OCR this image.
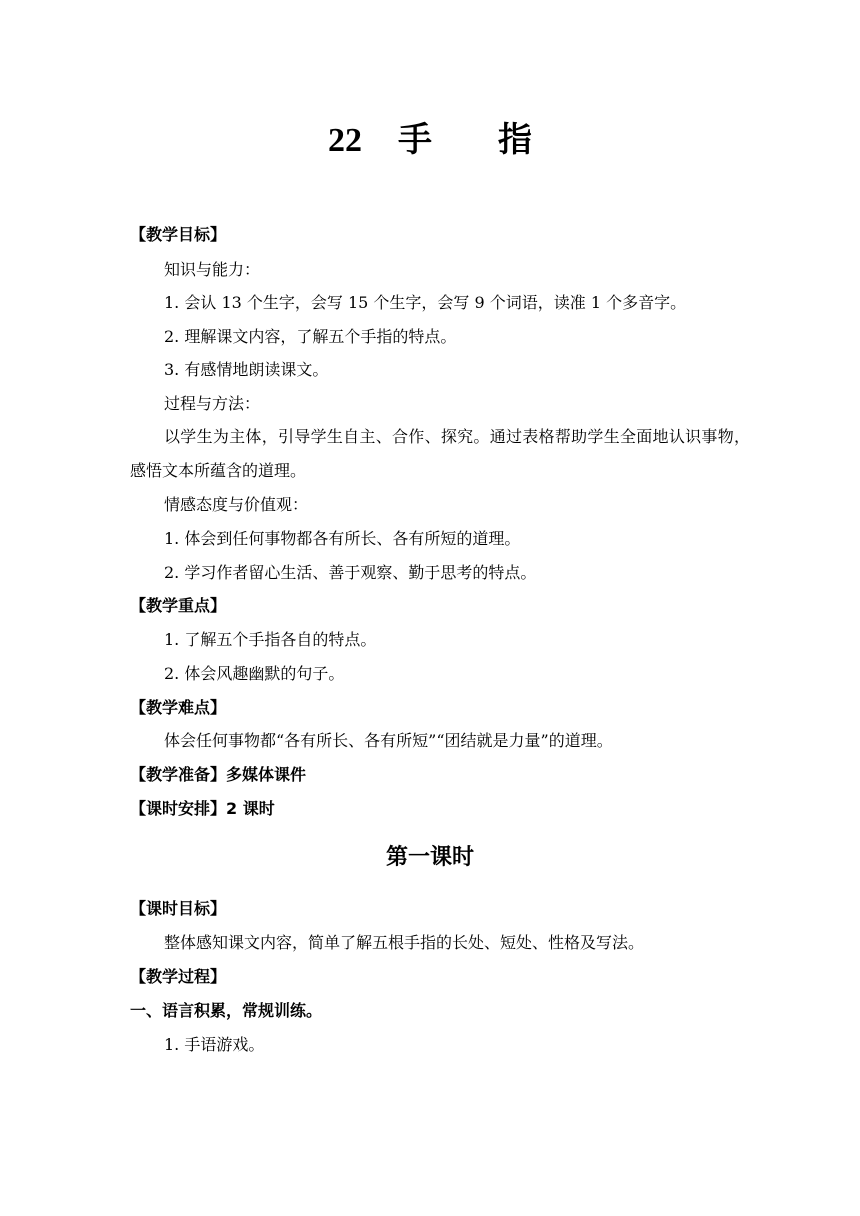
22 手 指
【教学目标】
知识与能力：
1. 会认 13 个生字，会写 15 个生字，会写 9 个词语，读准 1 个多音字。
2. 理解课文内容，了解五个手指的特点。
3. 有感情地朗读课文。
过程与方法：
以学生为主体，引导学生自主、合作、探究。通过表格帮助学生全面地认识事物，感悟文本所蕴含的道理。
情感态度与价值观：
1. 体会到任何事物都各有所长、各有所短的道理。
2. 学习作者留心生活、善于观察、勤于思考的特点。
【教学重点】
1. 了解五个手指各自的特点。
2. 体会风趣幽默的句子。
【教学难点】
体会任何事物都“各有所长、各有所短”“团结就是力量”的道理。
【教学准备】多媒体课件
【课时安排】2 课时
第一课时
【课时目标】
整体感知课文内容，简单了解五根手指的长处、短处、性格及写法。
【教学过程】
一、语言积累，常规训练。
1. 手语游戏。
